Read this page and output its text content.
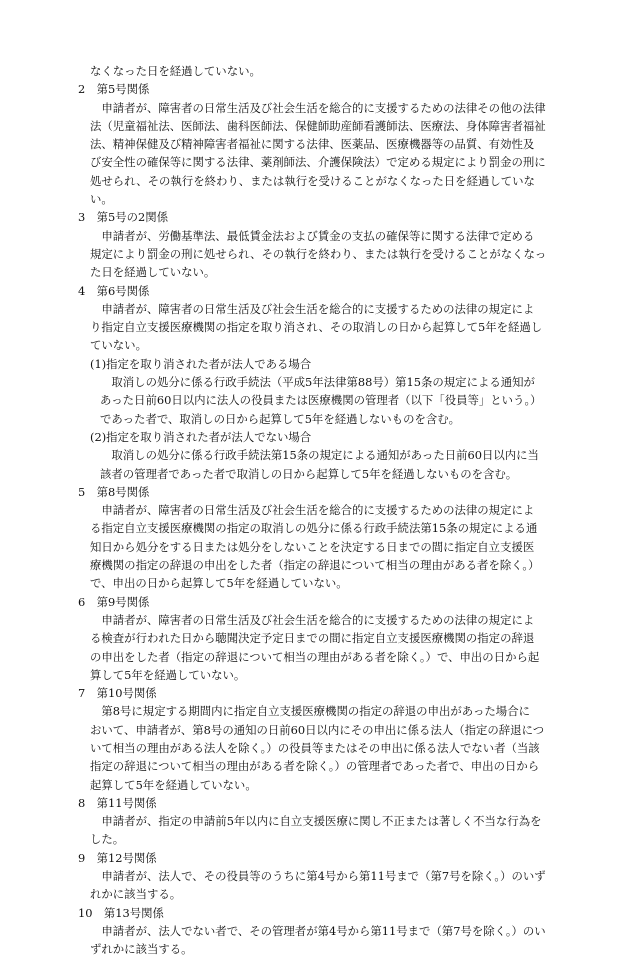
なくなった日を経過していない。
2　第5号関係
　申請者が、障害者の日常生活及び社会生活を総合的に支援するための法律その他の法律
法（児童福祉法、医師法、歯科医師法、保健師助産師看護師法、医療法、身体障害者福祉
法、精神保健及び精神障害者福祉に関する法律、医薬品、医療機器等の品質、有効性及
び安全性の確保等に関する法律、薬剤師法、介護保険法）で定める規定により罰金の刑に
処せられ、その執行を終わり、または執行を受けることがなくなった日を経過していな
い。
3　第5号の2関係
　申請者が、労働基準法、最低賃金法および賃金の支払の確保等に関する法律で定める
規定により罰金の刑に処せられ、その執行を終わり、または執行を受けることがなくなっ
た日を経過していない。
4　第6号関係
　申請者が、障害者の日常生活及び社会生活を総合的に支援するための法律の規定によ
り指定自立支援医療機関の指定を取り消され、その取消しの日から起算して5年を経過し
ていない。
(1)指定を取り消された者が法人である場合
　取消しの処分に係る行政手続法（平成5年法律第88号）第15条の規定による通知が
あった日前60日以内に法人の役員または医療機関の管理者（以下「役員等」という。）
であった者で、取消しの日から起算して5年を経過しないものを含む。
(2)指定を取り消された者が法人でない場合
　取消しの処分に係る行政手続法第15条の規定による通知があった日前60日以内に当
該者の管理者であった者で取消しの日から起算して5年を経過しないものを含む。
5　第8号関係
　申請者が、障害者の日常生活及び社会生活を総合的に支援するための法律の規定によ
る指定自立支援医療機関の指定の取消しの処分に係る行政手続法第15条の規定による通
知日から処分をする日または処分をしないことを決定する日までの間に指定自立支援医
療機関の指定の辞退の申出をした者（指定の辞退について相当の理由がある者を除く。）
で、申出の日から起算して5年を経過していない。
6　第9号関係
　申請者が、障害者の日常生活及び社会生活を総合的に支援するための法律の規定によ
る検査が行われた日から聴聞決定予定日までの間に指定自立支援医療機関の指定の辞退
の申出をした者（指定の辞退について相当の理由がある者を除く。）で、申出の日から起
算して5年を経過していない。
7　第10号関係
　第8号に規定する期間内に指定自立支援医療機関の指定の辞退の申出があった場合に
おいて、申請者が、第8号の通知の日前60日以内にその申出に係る法人（指定の辞退につ
いて相当の理由がある法人を除く。）の役員等またはその申出に係る法人でない者（当該
指定の辞退について相当の理由がある者を除く。）の管理者であった者で、申出の日から
起算して5年を経過していない。
8　第11号関係
　申請者が、指定の申請前5年以内に自立支援医療に関し不正または著しく不当な行為を
した。
9　第12号関係
　申請者が、法人で、その役員等のうちに第4号から第11号まで（第7号を除く。）のいず
れかに該当する。
10　第13号関係
　申請者が、法人でない者で、その管理者が第4号から第11号まで（第7号を除く。）のい
ずれかに該当する。
